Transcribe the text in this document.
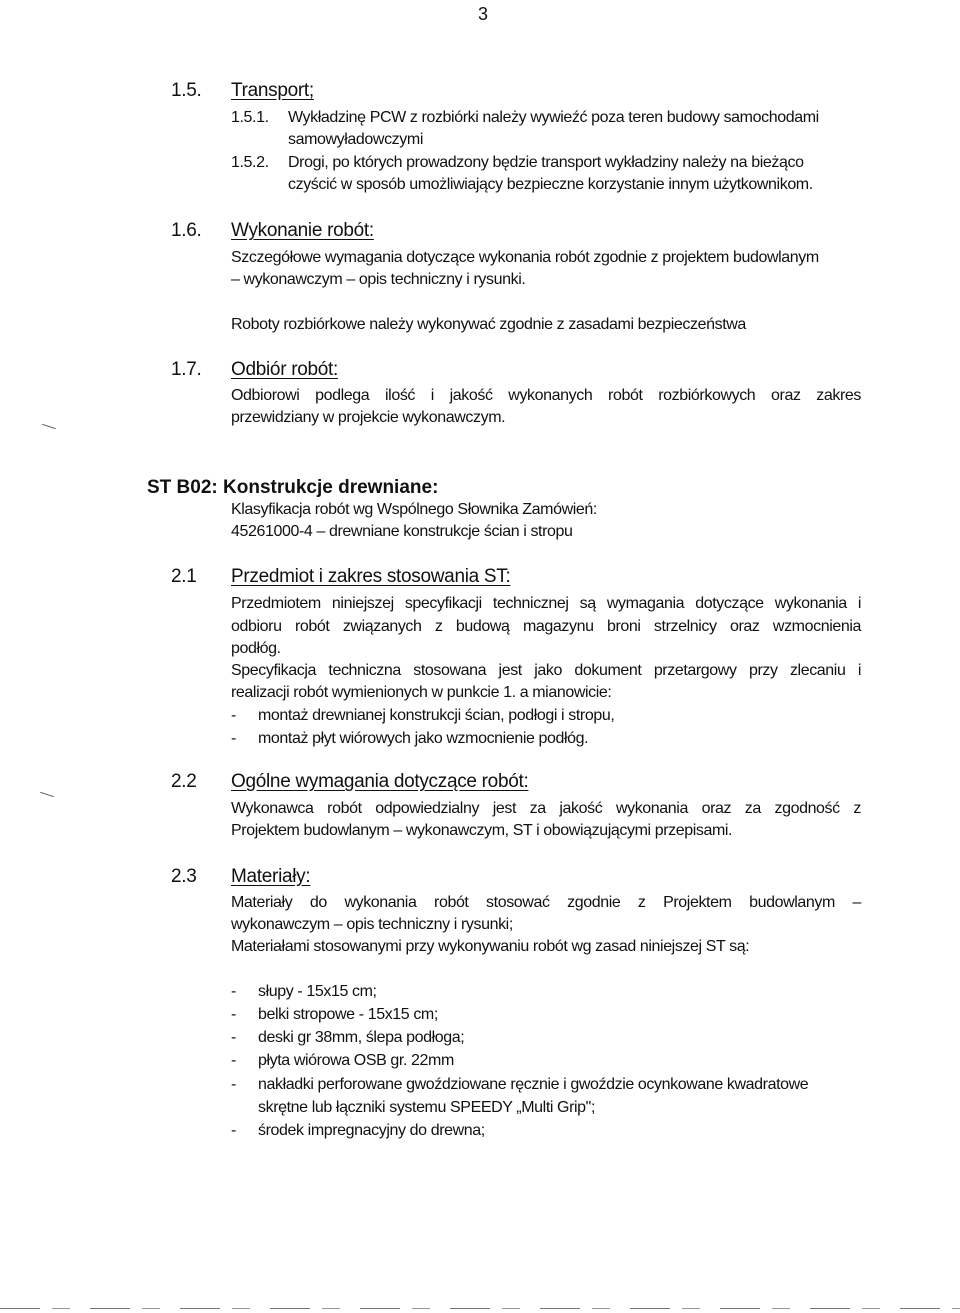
3
1.5. Transport;
1.5.1. Wykładzinę PCW z rozbiórki należy wywieźć poza teren budowy samochodami
samowyładowczymi
1.5.2. Drogi, po których prowadzony będzie transport wykładziny należy na bieżąco
czyścić w sposób umożliwiający bezpieczne korzystanie innym użytkownikom.
1.6. Wykonanie robót:
Szczegółowe wymagania dotyczące wykonania robót zgodnie z projektem budowlanym
– wykonawczym – opis techniczny i rysunki.
Roboty rozbiórkowe należy wykonywać zgodnie z zasadami bezpieczeństwa
1.7. Odbiór robót:
Odbiorowi podlega ilość i jakość wykonanych robót rozbiórkowych oraz zakres
przewidziany w projekcie wykonawczym.
ST B02: Konstrukcje drewniane:
Klasyfikacja robót wg Wspólnego Słownika Zamówień:
45261000-4 – drewniane konstrukcje ścian i stropu
2.1 Przedmiot i zakres stosowania ST:
Przedmiotem niniejszej specyfikacji technicznej są wymagania dotyczące wykonania i
odbioru robót związanych z budową magazynu broni strzelnicy oraz wzmocnienia
podłóg.
Specyfikacja techniczna stosowana jest jako dokument przetargowy przy zlecaniu i
realizacji robót wymienionych w punkcie 1. a mianowicie:
-	montaż drewnianej konstrukcji ścian, podłogi i stropu,
-	montaż płyt wiórowych jako wzmocnienie podłóg.
2.2 Ogólne wymagania dotyczące robót:
Wykonawca robót odpowiedzialny jest za jakość wykonania oraz za zgodność z
Projektem budowlanym – wykonawczym, ST i obowiązującymi przepisami.
2.3 Materiały:
Materiały do wykonania robót stosować zgodnie z Projektem budowlanym –
wykonawczym – opis techniczny i rysunki;
Materiałami stosowanymi przy wykonywaniu robót wg zasad niniejszej ST są:
-	słupy - 15x15 cm;
-	belki stropowe - 15x15 cm;
-	deski gr 38mm, ślepa podłoga;
-	płyta wiórowa OSB gr. 22mm
-	nakładki perforowane gwoździowane ręcznie i gwoździe ocynkowane kwadratowe
skrętne lub łączniki systemu SPEEDY „Multi Grip";
-	środek impregnacyjny do drewna;
